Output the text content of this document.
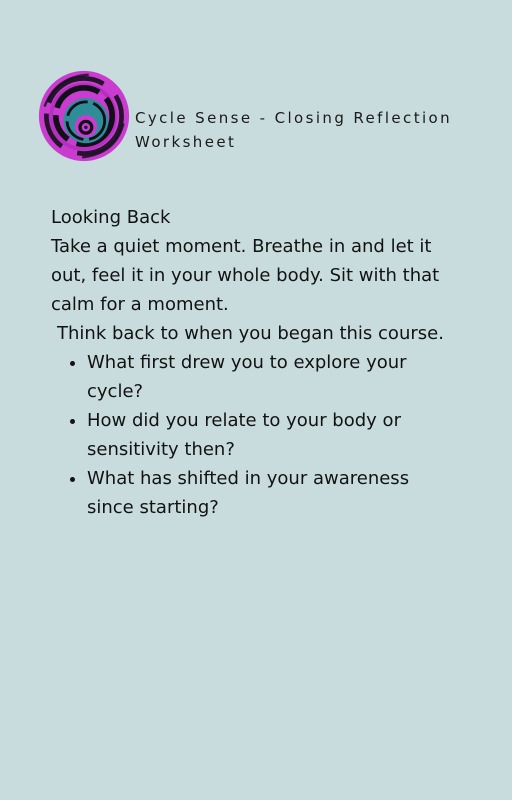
Cycle Sense - Closing Reflection Worksheet

Looking Back

Take a quiet moment. Breathe in and let it out, feel it in your whole body. Sit with that calm for a moment.

Think back to when you began this course.

• What first drew you to explore your cycle?
• How did you relate to your body or sensitivity then?
• What has shifted in your awareness since starting?
